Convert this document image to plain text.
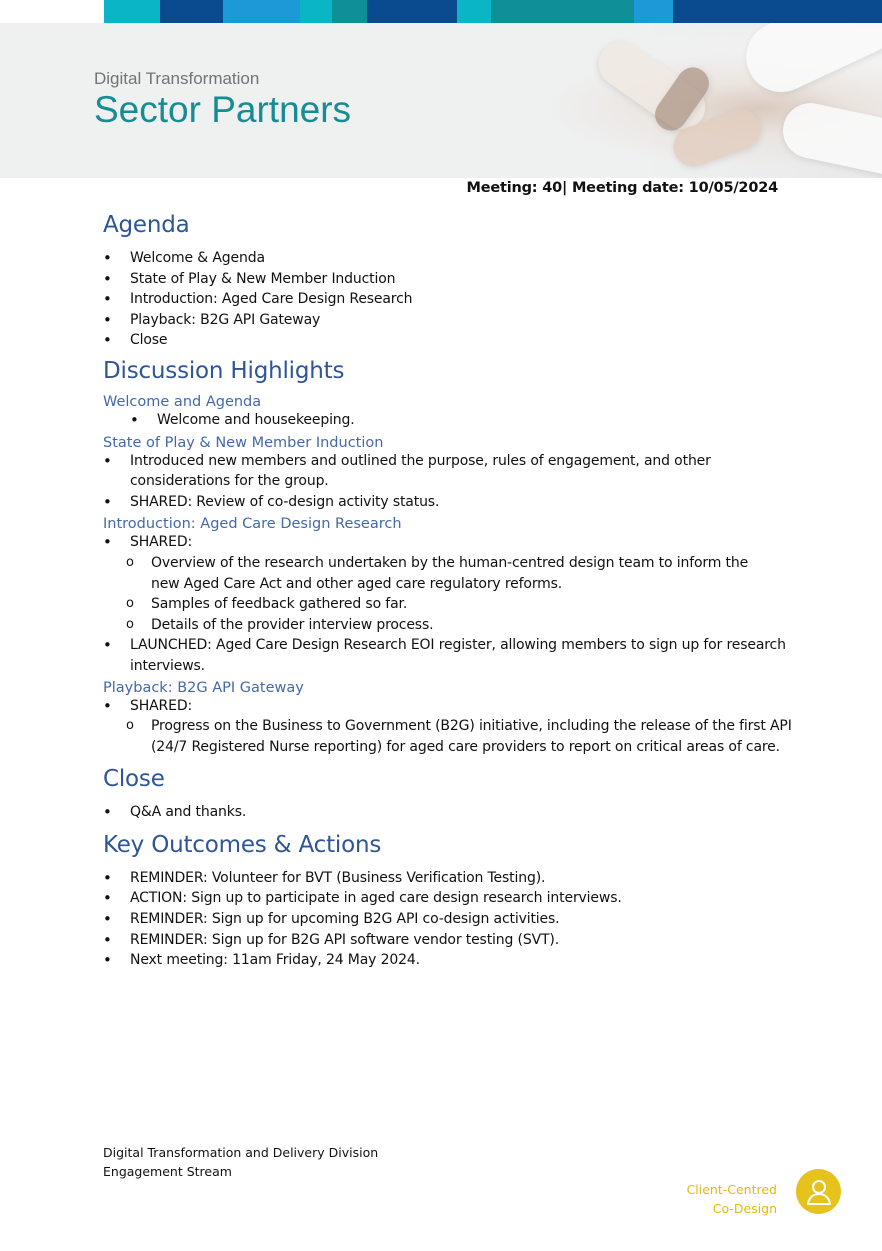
Digital Transformation
Sector Partners
Meeting: 40| Meeting date: 10/05/2024
Agenda
• Welcome & Agenda
• State of Play & New Member Induction
• Introduction: Aged Care Design Research
• Playback: B2G API Gateway
• Close
Discussion Highlights
Welcome and Agenda
• Welcome and housekeeping.
State of Play & New Member Induction
• Introduced new members and outlined the purpose, rules of engagement, and other considerations for the group.
• SHARED: Review of co-design activity status.
Introduction: Aged Care Design Research
• SHARED:
o Overview of the research undertaken by the human-centred design team to inform the new Aged Care Act and other aged care regulatory reforms.
o Samples of feedback gathered so far.
o Details of the provider interview process.
• LAUNCHED: Aged Care Design Research EOI register, allowing members to sign up for research interviews.
Playback: B2G API Gateway
• SHARED:
o Progress on the Business to Government (B2G) initiative, including the release of the first API (24/7 Registered Nurse reporting) for aged care providers to report on critical areas of care.
Close
• Q&A and thanks.
Key Outcomes & Actions
• REMINDER: Volunteer for BVT (Business Verification Testing).
• ACTION: Sign up to participate in aged care design research interviews.
• REMINDER: Sign up for upcoming B2G API co-design activities.
• REMINDER: Sign up for B2G API software vendor testing (SVT).
• Next meeting: 11am Friday, 24 May 2024.
Digital Transformation and Delivery Division
Engagement Stream
Client-Centred
Co-Design
